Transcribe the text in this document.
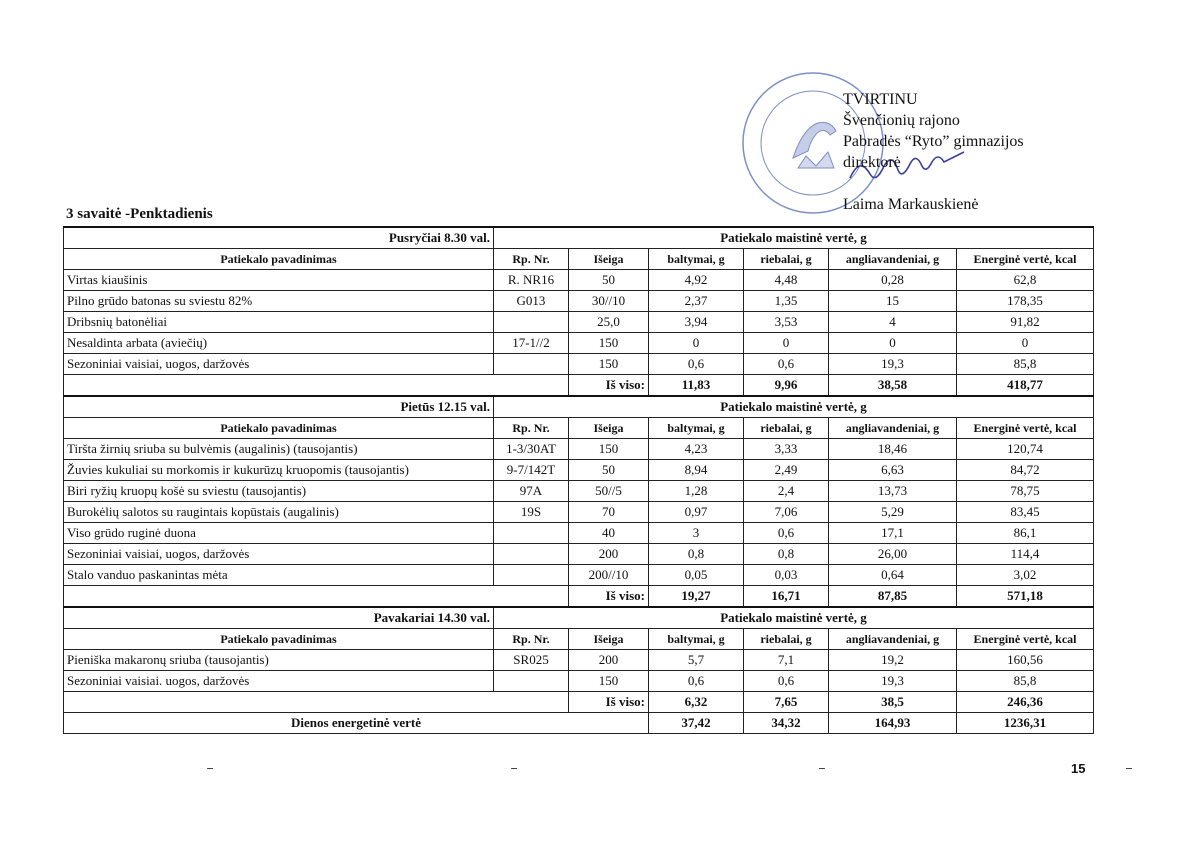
TVIRTINU
Švenčionių rajono
Pabradės “Ryto” gimnazijos
direktorė
Laima Markauskienė
3 savaitė -Penktadienis
Pusryčiai 8.30 val.	Patiekalo maistinė vertė, g					
Patiekalo pavadinimas	Rp. Nr.	Išeiga	baltymai, g	riebalai, g	angliavandeniai, g	Energinė vertė, kcal
Virtas kiaušinis	R. NR16	50	4,92	4,48	0,28	62,8
Pilno grūdo batonas su sviestu 82%	G013	30//10	2,37	1,35	15	178,35
Dribsnių batonėliai		25,0	3,94	3,53	4	91,82
Nesaldinta arbata (aviečių)	17-1//2	150	0	0	0	0
Sezoniniai vaisiai, uogos, daržovės		150	0,6	0,6	19,3	85,8
		Iš viso:	11,83	9,96	38,58	418,77
Pietūs 12.15 val.	Patiekalo maistinė vertė, g					
Patiekalo pavadinimas	Rp. Nr.	Išeiga	baltymai, g	riebalai, g	angliavandeniai, g	Energinė vertė, kcal
Tiršta žirnių sriuba su bulvėmis (augalinis) (tausojantis)	1-3/30AT	150	4,23	3,33	18,46	120,74
Žuvies kukuliai su morkomis ir kukurūzų kruopomis (tausojantis)	9-7/142T	50	8,94	2,49	6,63	84,72
Biri ryžių kruopų košė su sviestu (tausojantis)	97A	50//5	1,28	2,4	13,73	78,75
Burokėlių salotos su raugintais kopūstais (augalinis)	19S	70	0,97	7,06	5,29	83,45
Viso grūdo ruginė duona		40	3	0,6	17,1	86,1
Sezoniniai vaisiai, uogos, daržovės		200	0,8	0,8	26,00	114,4
Stalo vanduo paskanintas mėta		200//10	0,05	0,03	0,64	3,02
		Iš viso:	19,27	16,71	87,85	571,18
Pavakariai 14.30 val.	Patiekalo maistinė vertė, g					
Patiekalo pavadinimas	Rp. Nr.	Išeiga	baltymai, g	riebalai, g	angliavandeniai, g	Energinė vertė, kcal
Pieniška makaronų sriuba (tausojantis)	SR025	200	5,7	7,1	19,2	160,56
Sezoniniai vaisiai. uogos, daržovės		150	0,6	0,6	19,3	85,8
		Iš viso:	6,32	7,65	38,5	246,36
Dienos energetinė vertė			37,42	34,32	164,93	1236,31
15
